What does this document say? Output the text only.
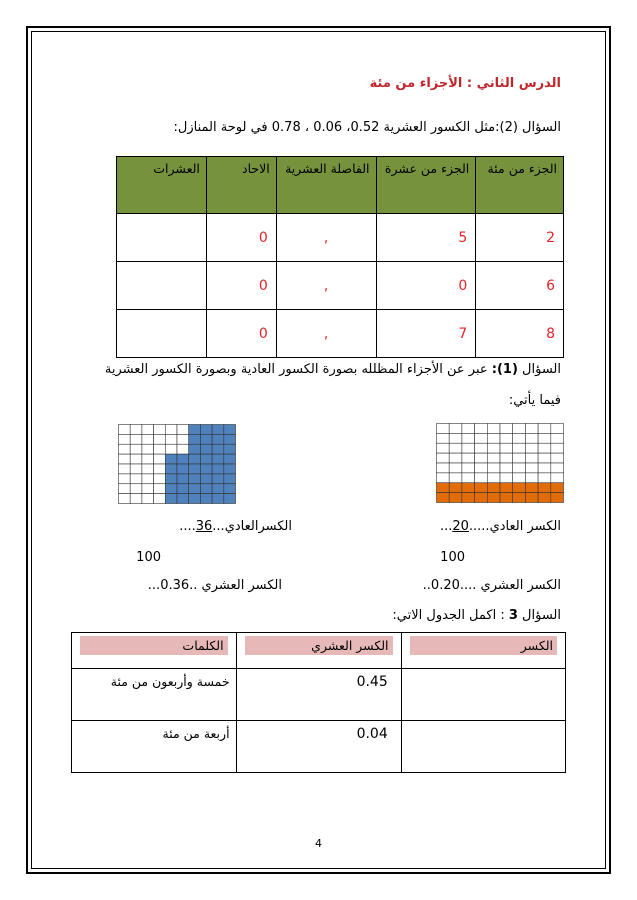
الدرس الثاني : الأجزاء من مئة
السؤال (2):مثل الكسور العشرية 0.52، 0.06 ، 0.78 في لوحة المنازل:
الجزء من مئة	الجزء من عشرة	الفاصلة العشرية	الاحاد	العشرات
2	5	,	0	
6	0	,	0	
8	7	,	0	
السؤال (1): عبر عن الأجزاء المظلله بصورة الكسور العادية وبصورة الكسور العشرية
فيما يأتي:
الكسر العادي.....20...
الكسرالعادي...36....
100
100
الكسر العشري ....0.20..
الكسر العشري ..0.36...
السؤال 3 : اكمل الجدول الاتي:
الكسر	الكسر العشري	الكلمات

	0.45	خمسة وأربعون من مئة
	0.04	أربعة من مئة
4
